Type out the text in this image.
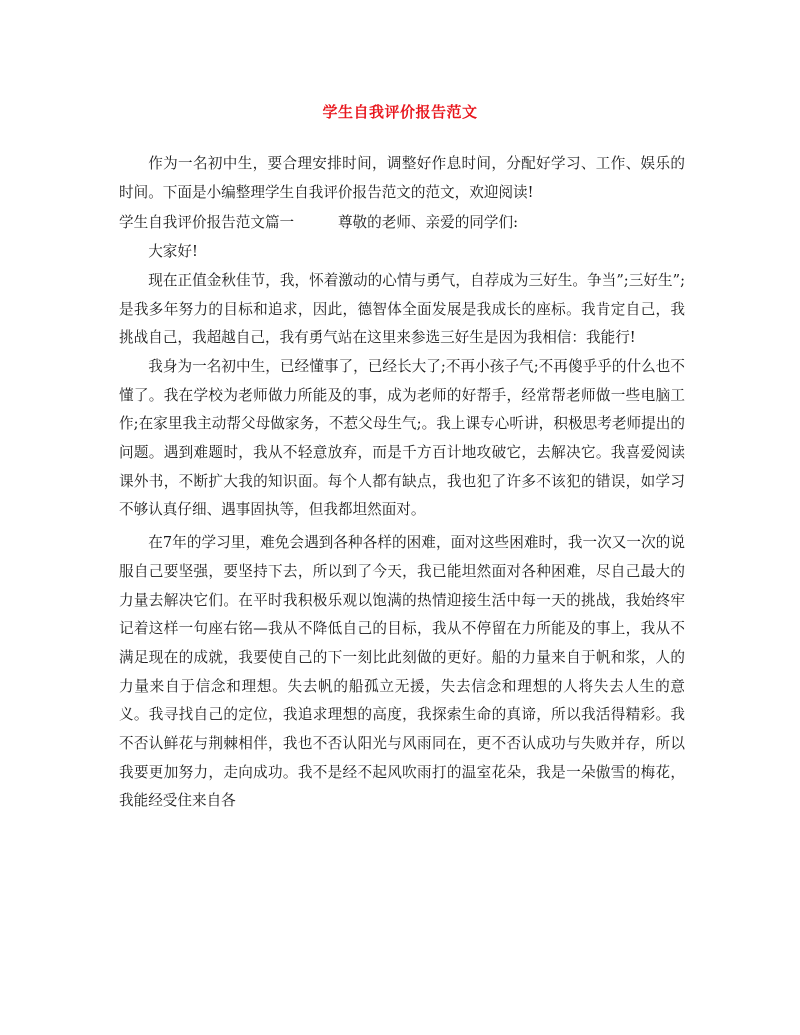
学生自我评价报告范文

作为一名初中生，要合理安排时间，调整好作息时间，分配好学习、工作、娱乐的时间。下面是小编整理学生自我评价报告范文的范文，欢迎阅读!

学生自我评价报告范文篇一	尊敬的老师、亲爱的同学们:

大家好!

现在正值金秋佳节，我，怀着激动的心情与勇气，自荐成为三好生。争当”;三好生”;是我多年努力的目标和追求，因此，德智体全面发展是我成长的座标。我肯定自己，我挑战自己，我超越自己，我有勇气站在这里来参选三好生是因为我相信：我能行!

我身为一名初中生，已经懂事了，已经长大了;不再小孩子气;不再傻乎乎的什么也不懂了。我在学校为老师做力所能及的事，成为老师的好帮手，经常帮老师做一些电脑工作;在家里我主动帮父母做家务，不惹父母生气;。我上课专心听讲，积极思考老师提出的问题。遇到难题时，我从不轻意放弃，而是千方百计地攻破它，去解决它。我喜爱阅读课外书，不断扩大我的知识面。每个人都有缺点，我也犯了许多不该犯的错误，如学习不够认真仔细、遇事固执等，但我都坦然面对。

在7年的学习里，难免会遇到各种各样的困难，面对这些困难时，我一次又一次的说服自己要坚强，要坚持下去，所以到了今天，我已能坦然面对各种困难，尽自己最大的力量去解决它们。在平时我积极乐观以饱满的热情迎接生活中每一天的挑战，我始终牢记着这样一句座右铭—我从不降低自己的目标，我从不停留在力所能及的事上，我从不满足现在的成就，我要使自己的下一刻比此刻做的更好。船的力量来自于帆和浆，人的力量来自于信念和理想。失去帆的船孤立无援，失去信念和理想的人将失去人生的意义。我寻找自己的定位，我追求理想的高度，我探索生命的真谛，所以我活得精彩。我不否认鲜花与荆棘相伴，我也不否认阳光与风雨同在，更不否认成功与失败并存，所以我要更加努力，走向成功。我不是经不起风吹雨打的温室花朵，我是一朵傲雪的梅花，我能经受住来自各
